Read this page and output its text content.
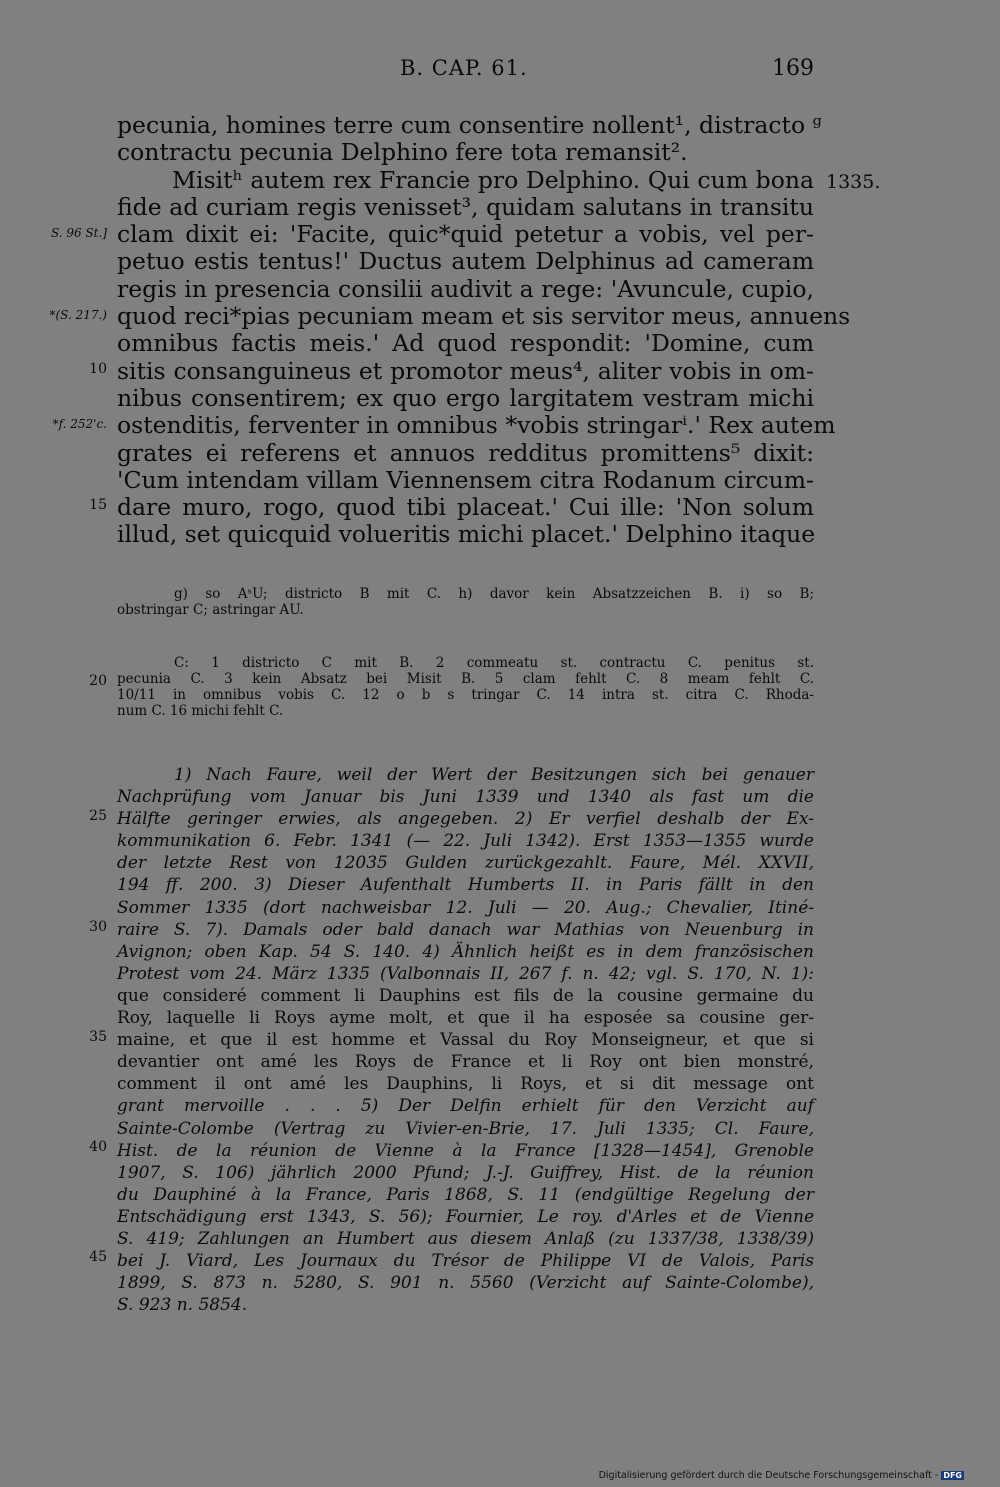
B. CAP. 61.	169
S. 96 St.]
*(S. 217.)
*f. 252'c.
10
15
20
25
30
35
40
45
1335.
pecunia, homines terre cum consentire nollent¹, distracto ᵍ
contractu pecunia Delphino fere tota remansit².
Misitʰ autem rex Francie pro Delphino. Qui cum bona
fide ad curiam regis venisset³, quidam salutans in transitu
clam dixit ei: 'Facite, quic*quid petetur a vobis, vel per-
petuo estis tentus!' Ductus autem Delphinus ad cameram
regis in presencia consilii audivit a rege: 'Avuncule, cupio,
quod reci*pias pecuniam meam et sis servitor meus, annuens
omnibus factis meis.' Ad quod respondit: 'Domine, cum
sitis consanguineus et promotor meus⁴, aliter vobis in om-
nibus consentirem; ex quo ergo largitatem vestram michi
ostenditis, ferventer in omnibus *vobis stringarⁱ.' Rex autem
grates ei referens et annuos redditus promittens⁵ dixit:
'Cum intendam villam Viennensem citra Rodanum circum-
dare muro, rogo, quod tibi placeat.' Cui ille: 'Non solum
illud, set quicquid volueritis michi placet.' Delphino itaque
g) so AˢU; districto B mit C. h) davor kein Absatzzeichen B. i) so B;
obstringar C; astringar AU.
C: 1 districto C mit B. 2 commeatu st. contractu C. penitus st.
pecunia C. 3 kein Absatz bei Misit B. 5 clam fehlt C. 8 meam fehlt C.
10/11 in omnibus vobis C. 12 o b s tringar C. 14 intra st. citra C. Rhoda-
num C. 16 michi fehlt C.
1) Nach Faure, weil der Wert der Besitzungen sich bei genauer
Nachprüfung vom Januar bis Juni 1339 und 1340 als fast um die
Hälfte geringer erwies, als angegeben. 2) Er verfiel deshalb der Ex-
kommunikation 6. Febr. 1341 (— 22. Juli 1342). Erst 1353—1355 wurde
der letzte Rest von 12035 Gulden zurückgezahlt. Faure, Mél. XXVII,
194 ff. 200. 3) Dieser Aufenthalt Humberts II. in Paris fällt in den
Sommer 1335 (dort nachweisbar 12. Juli — 20. Aug.; Chevalier, Itiné-
raire S. 7). Damals oder bald danach war Mathias von Neuenburg in
Avignon; oben Kap. 54 S. 140. 4) Ähnlich heißt es in dem französischen
Protest vom 24. März 1335 (Valbonnais II, 267 f. n. 42; vgl. S. 170, N. 1):
que consideré comment li Dauphins est fils de la cousine germaine du
Roy, laquelle li Roys ayme molt, et que il ha esposée sa cousine ger-
maine, et que il est homme et Vassal du Roy Monseigneur, et que si
devantier ont amé les Roys de France et li Roy ont bien monstré,
comment il ont amé les Dauphins, li Roys, et si dit message ont
grant mervoille . . . 5) Der Delfin erhielt für den Verzicht auf
Sainte-Colombe (Vertrag zu Vivier-en-Brie, 17. Juli 1335; Cl. Faure,
Hist. de la réunion de Vienne à la France [1328—1454], Grenoble
1907, S. 106) jährlich 2000 Pfund; J.-J. Guiffrey, Hist. de la réunion
du Dauphiné à la France, Paris 1868, S. 11 (endgültige Regelung der
Entschädigung erst 1343, S. 56); Fournier, Le roy. d'Arles et de Vienne
S. 419; Zahlungen an Humbert aus diesem Anlaß (zu 1337/38, 1338/39)
bei J. Viard, Les Journaux du Trésor de Philippe VI de Valois, Paris
1899, S. 873 n. 5280, S. 901 n. 5560 (Verzicht auf Sainte-Colombe),
S. 923 n. 5854.
Digitalisierung gefördert durch die Deutsche Forschungsgemeinschaft - DFG
